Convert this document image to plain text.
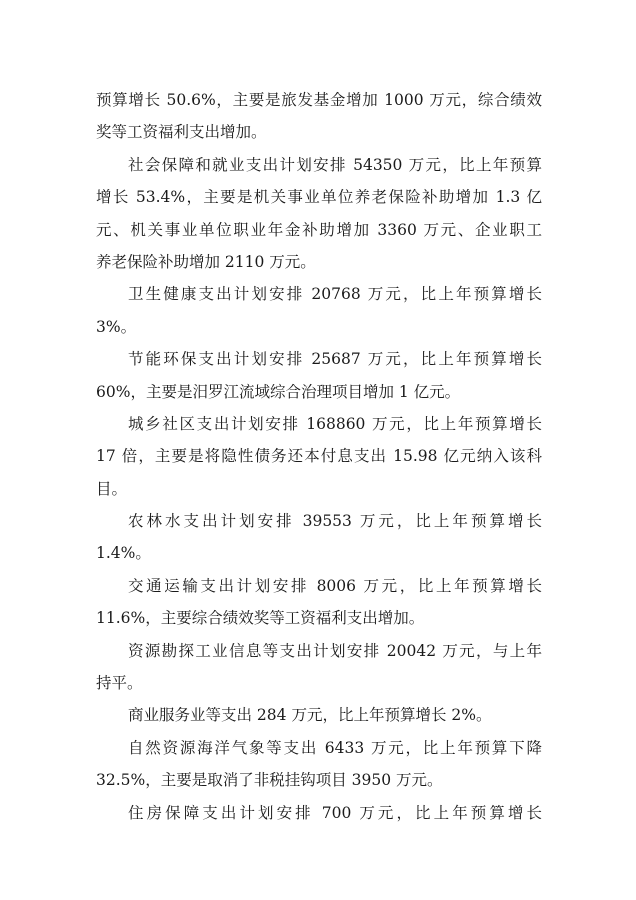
预算增长 50.6%，主要是旅发基金增加 1000 万元，综合绩效
奖等工资福利支出增加。
社会保障和就业支出计划安排 54350 万元，比上年预算
增长 53.4%，主要是机关事业单位养老保险补助增加 1.3 亿
元、机关事业单位职业年金补助增加 3360 万元、企业职工
养老保险补助增加 2110 万元。
卫生健康支出计划安排 20768 万元，比上年预算增长
3%。
节能环保支出计划安排 25687 万元，比上年预算增长
60%，主要是汨罗江流域综合治理项目增加 1 亿元。
城乡社区支出计划安排 168860 万元，比上年预算增长
17 倍，主要是将隐性债务还本付息支出 15.98 亿元纳入该科
目。
农林水支出计划安排 39553 万元，比上年预算增长
1.4%。
交通运输支出计划安排 8006 万元，比上年预算增长
11.6%，主要综合绩效奖等工资福利支出增加。
资源勘探工业信息等支出计划安排 20042 万元，与上年
持平。
商业服务业等支出 284 万元，比上年预算增长 2%。
自然资源海洋气象等支出 6433 万元，比上年预算下降
32.5%，主要是取消了非税挂钩项目 3950 万元。
住房保障支出计划安排 700 万元，比上年预算增长
